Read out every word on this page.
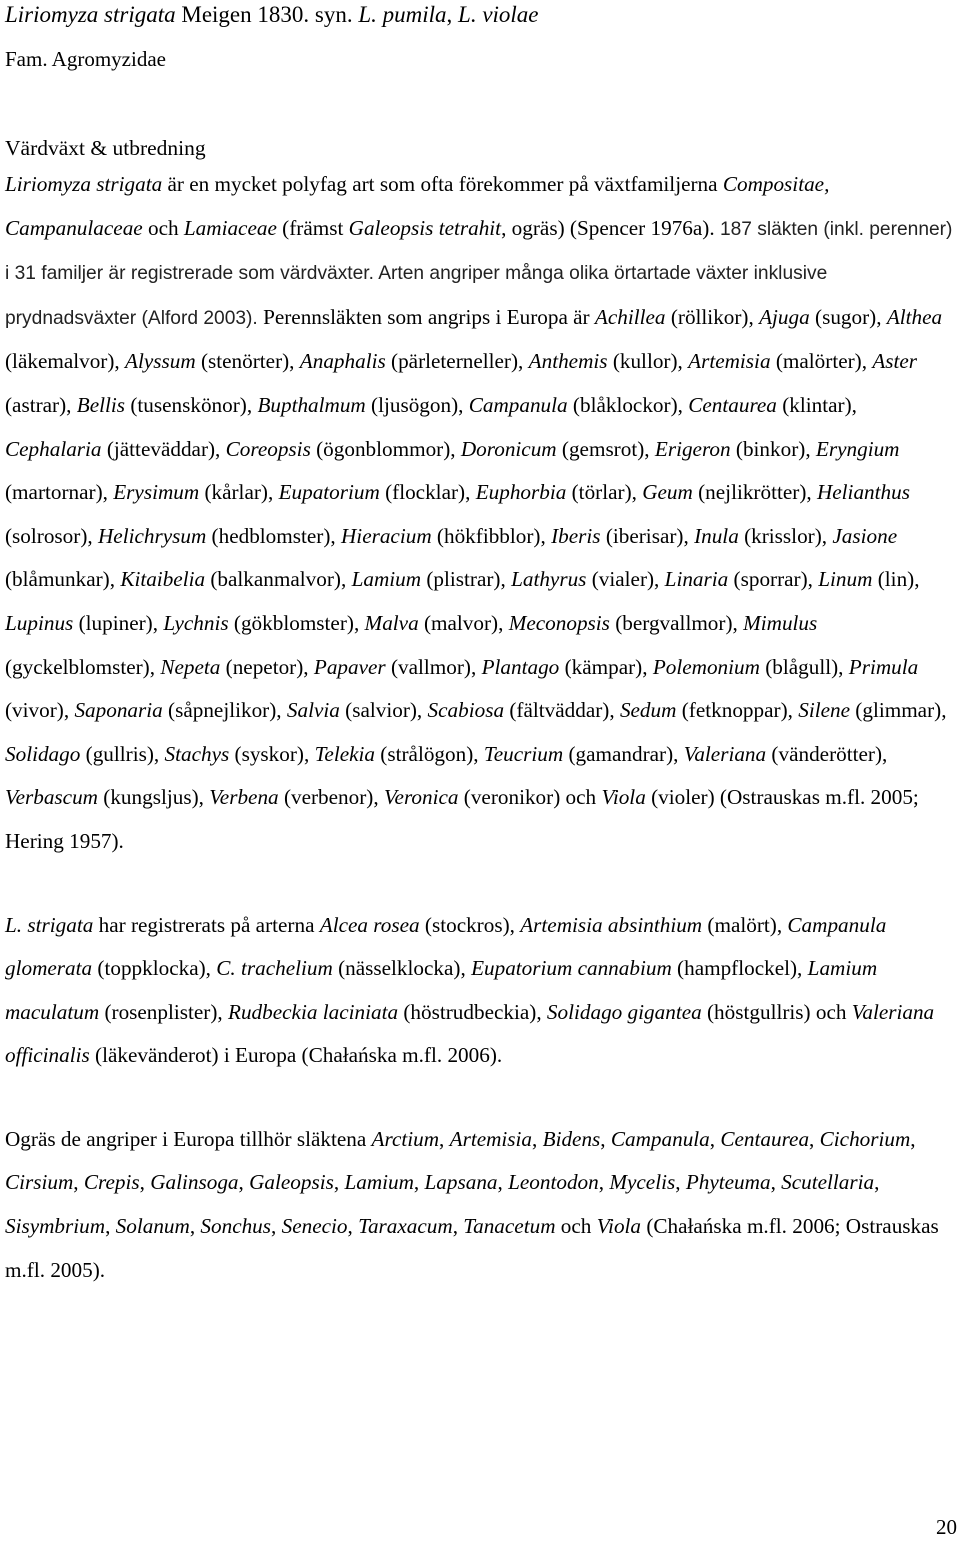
Liriomyza strigata Meigen 1830. syn. L. pumila, L. violae
Fam. Agromyzidae
Värdväxt & utbredning

Liriomyza strigata är en mycket polyfag art som ofta förekommer på växtfamiljerna Compositae, Campanulaceae och Lamiaceae (främst Galeopsis tetrahit, ogräs) (Spencer 1976a). 187 släkten (inkl. perenner) i 31 familjer är registrerade som värdväxter. Arten angriper många olika örtartade växter inklusive prydnadsväxter (Alford 2003). Perennsläkten som angrips i Europa är Achillea (röllikor), Ajuga (sugor), Althea (läkemalvor), Alyssum (stenörter), Anaphalis (pärleterneller), Anthemis (kullor), Artemisia (malörter), Aster (astrar), Bellis (tusenskönor), Bupthalmum (ljusögon), Campanula (blåklockor), Centaurea (klintar), Cephalaria (jätteväddar), Coreopsis (ögonblommor), Doronicum (gemsrot), Erigeron (binkor), Eryngium (martornar), Erysimum (kårlar), Eupatorium (flocklar), Euphorbia (törlar), Geum (nejlikrötter), Helianthus (solrosor), Helichrysum (hedblomster), Hieracium (hökfibblor), Iberis (iberisar), Inula (krisslor), Jasione (blåmunkar), Kitaibelia (balkanmalvor), Lamium (plistrar), Lathyrus (vialer), Linaria (sporrar), Linum (lin), Lupinus (lupiner), Lychnis (gökblomster), Malva (malvor), Meconopsis (bergvallmor), Mimulus (gyckelblomster), Nepeta (nepetor), Papaver (vallmor), Plantago (kämpar), Polemonium (blågull), Primula (vivor), Saponaria (såpnejlikor), Salvia (salvior), Scabiosa (fältväddar), Sedum (fetknoppar), Silene (glimmar), Solidago (gullris), Stachys (syskor), Telekia (strålögon), Teucrium (gamandrar), Valeriana (vänderötter), Verbascum (kungsljus), Verbena (verbenor), Veronica (veronikor) och Viola (violer) (Ostrauskas m.fl. 2005; Hering 1957).

L. strigata har registrerats på arterna Alcea rosea (stockros), Artemisia absinthium (malört), Campanula glomerata (toppklocka), C. trachelium (nässelklocka), Eupatorium cannabium (hampflockel), Lamium maculatum (rosenplister), Rudbeckia laciniata (höstrudbeckia), Solidago gigantea (höstgullris) och Valeriana officinalis (läkevänderot) i Europa (Chałańska m.fl. 2006).

Ogräs de angriper i Europa tillhör släktena Arctium, Artemisia, Bidens, Campanula, Centaurea, Cichorium, Cirsium, Crepis, Galinsoga, Galeopsis, Lamium, Lapsana, Leontodon, Mycelis, Phyteuma, Scutellaria, Sisymbrium, Solanum, Sonchus, Senecio, Taraxacum, Tanacetum och Viola (Chałańska m.fl. 2006; Ostrauskas m.fl. 2005).

20
